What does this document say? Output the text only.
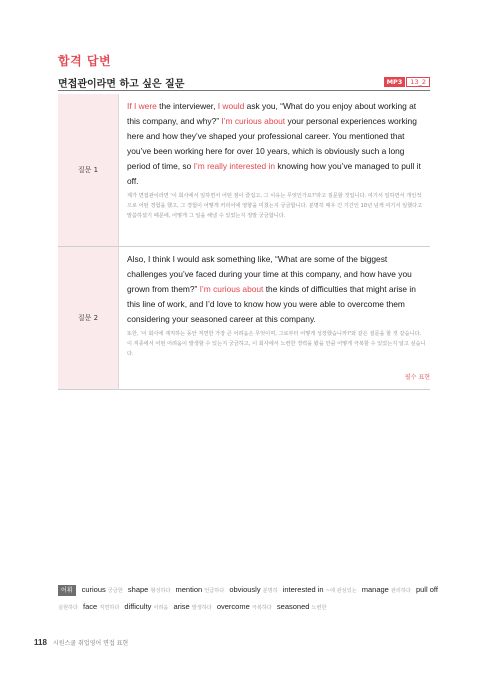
합격 답변
면접관이라면 하고 싶은 질문	MP3	13_2
질문 1	If I were the interviewer, I would ask you, “What do you enjoy about working at this company, and why?” I’m curious about your personal experiences working here and how they’ve shaped your professional career. You mentioned that you’ve been working here for over 10 years, which is obviously such a long period of time, so I’m really interested in knowing how you’ve managed to pull it off.

제가 면접관이라면 '이 회사에서 일하면서 어떤 점이 즐겁고, 그 이유는 무엇인가요?'라고 질문할 것입니다. 여기서 일하면서 개인적으로 어떤 경험을 했고, 그 경험이 어떻게 커리어에 영향을 미쳤는지 궁금합니다. 분명히 매우 긴 기간인 10년 넘게 여기서 일했다고 말씀하셨기 때문에, 어떻게 그 일을 해낼 수 있었는지 정말 궁금합니다.

질문 2	Also, I think I would ask something like, “What are some of the biggest challenges you’ve faced during your time at this company, and how have you grown from them?” I’m curious about the kinds of difficulties that might arise in this line of work, and I’d love to know how you were able to overcome them considering your seasoned career at this company.

또한, '이 회사에 재직하는 동안 직면한 가장 큰 어려움은 무엇이며, 그로부터 어떻게 성장했습니까?'와 같은 질문을 할 것 같습니다. 이 직종에서 어떤 어려움이 발생할 수 있는지 궁금하고, 이 회사에서 노련한 경력을 봤을 만큼 어떻게 극복할 수 있었는지 알고 싶습니다.

필수 표현
어휘 curious 궁금한 shape 형성하다 mention 언급하다 obviously 분명히 interested in ~에 관심있는 manage 관리하다 pull off 실현하다 face 직면하다 difficulty 어려움 arise 발생하다 overcome 극복하다 seasoned 노련한
118 시원스쿨 취업영어 면접 표현
